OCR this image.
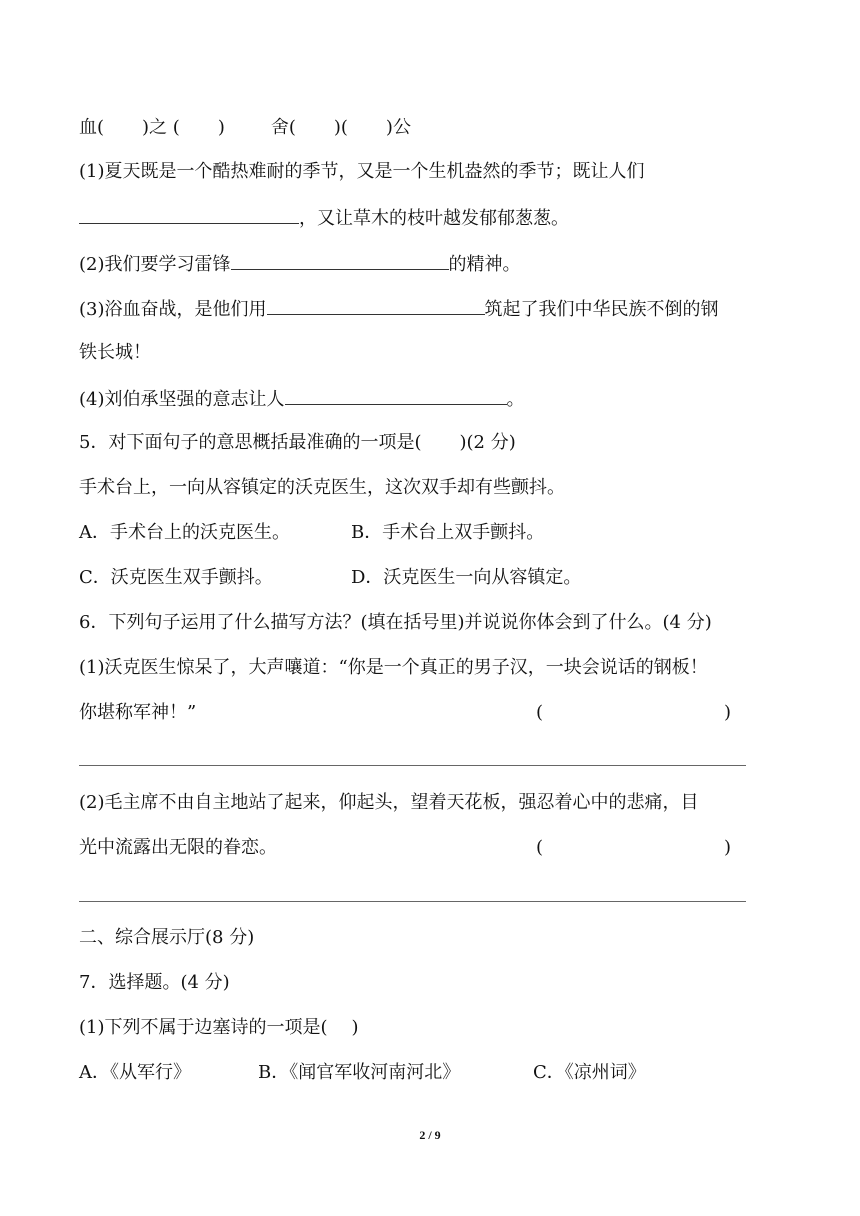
血( )之 ( )	舍( )( )公
(1)夏天既是一个酷热难耐的季节，又是一个生机盎然的季节；既让人们
，又让草木的枝叶越发郁郁葱葱。
(2)我们要学习雷锋	的精神。
(3)浴血奋战，是他们用	筑起了我们中华民族不倒的钢
铁长城！
(4)刘伯承坚强的意志让人	。
5．对下面句子的意思概括最准确的一项是( )(2 分)
手术台上，一向从容镇定的沃克医生，这次双手却有些颤抖。
A．手术台上的沃克医生。	B．手术台上双手颤抖。
C．沃克医生双手颤抖。	D．沃克医生一向从容镇定。
6．下列句子运用了什么描写方法？(填在括号里)并说说你体会到了什么。(4 分)
(1)沃克医生惊呆了，大声嚷道：“你是一个真正的男子汉，一块会说话的钢板！
你堪称军神！”	(	)
(2)毛主席不由自主地站了起来，仰起头，望着天花板，强忍着心中的悲痛，目
光中流露出无限的眷恋。	(	)
二、综合展示厅(8 分)
7．选择题。(4 分)
(1)下列不属于边塞诗的一项是( )
A．《从军行》	B．《闻官军收河南河北》	C．《凉州词》
2 / 9
